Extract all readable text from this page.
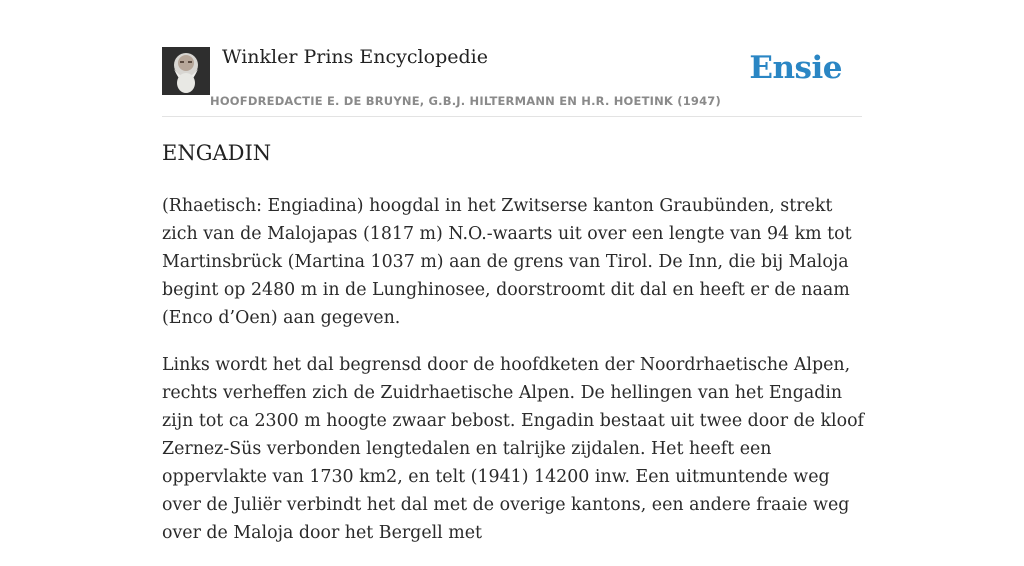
Winkler Prins Encyclopedie
HOOFDREDACTIE E. DE BRUYNE, G.B.J. HILTERMANN EN H.R. HOETINK (1947)
Ensie
ENGADIN

(Rhaetisch: Engiadina) hoogdal in het Zwitserse kanton Graubünden, strekt zich van de Malojapas (1817 m) N.O.-waarts uit over een lengte van 94 km tot Martinsbrück (Martina 1037 m) aan de grens van Tirol. De Inn, die bij Maloja begint op 2480 m in de Lunghinosee, doorstroomt dit dal en heeft er de naam (Enco d’Oen) aan gegeven.

Links wordt het dal begrensd door de hoofdketen der Noordrhaetische Alpen, rechts verheffen zich de Zuidrhaetische Alpen. De hellingen van het Engadin zijn tot ca 2300 m hoogte zwaar bebost. Engadin bestaat uit twee door de kloof Zernez-Süs verbonden lengtedalen en talrijke zijdalen. Het heeft een oppervlakte van 1730 km2, en telt (1941) 14200 inw. Een uitmuntende weg over de Juliër verbindt het dal met de overige kantons, een andere fraaie weg over de Maloja door het Bergell met
